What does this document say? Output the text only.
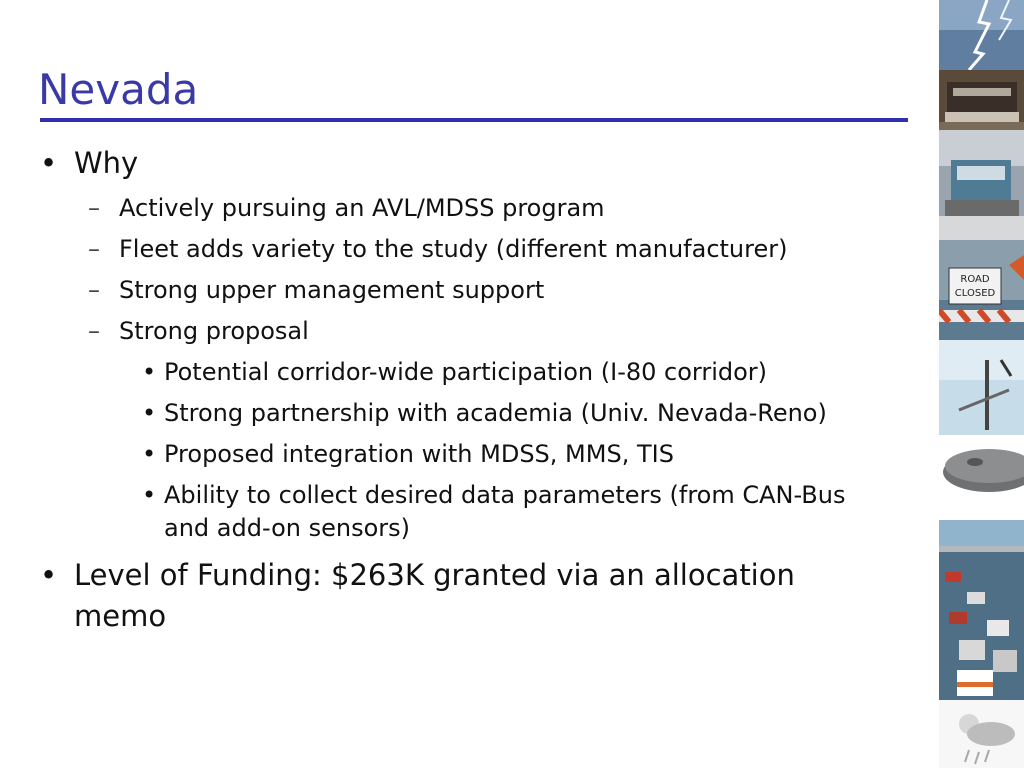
Nevada
• Why
– Actively pursuing an AVL/MDSS program
– Fleet adds variety to the study (different manufacturer)
– Strong upper management support
– Strong proposal
• Potential corridor-wide participation (I-80 corridor)
• Strong partnership with academia (Univ. Nevada-Reno)
• Proposed integration with MDSS, MMS, TIS
• Ability to collect desired data parameters (from CAN-Bus
and add-on sensors)
• Level of Funding: $263K granted via an allocation
memo
ROAD
CLOSED
